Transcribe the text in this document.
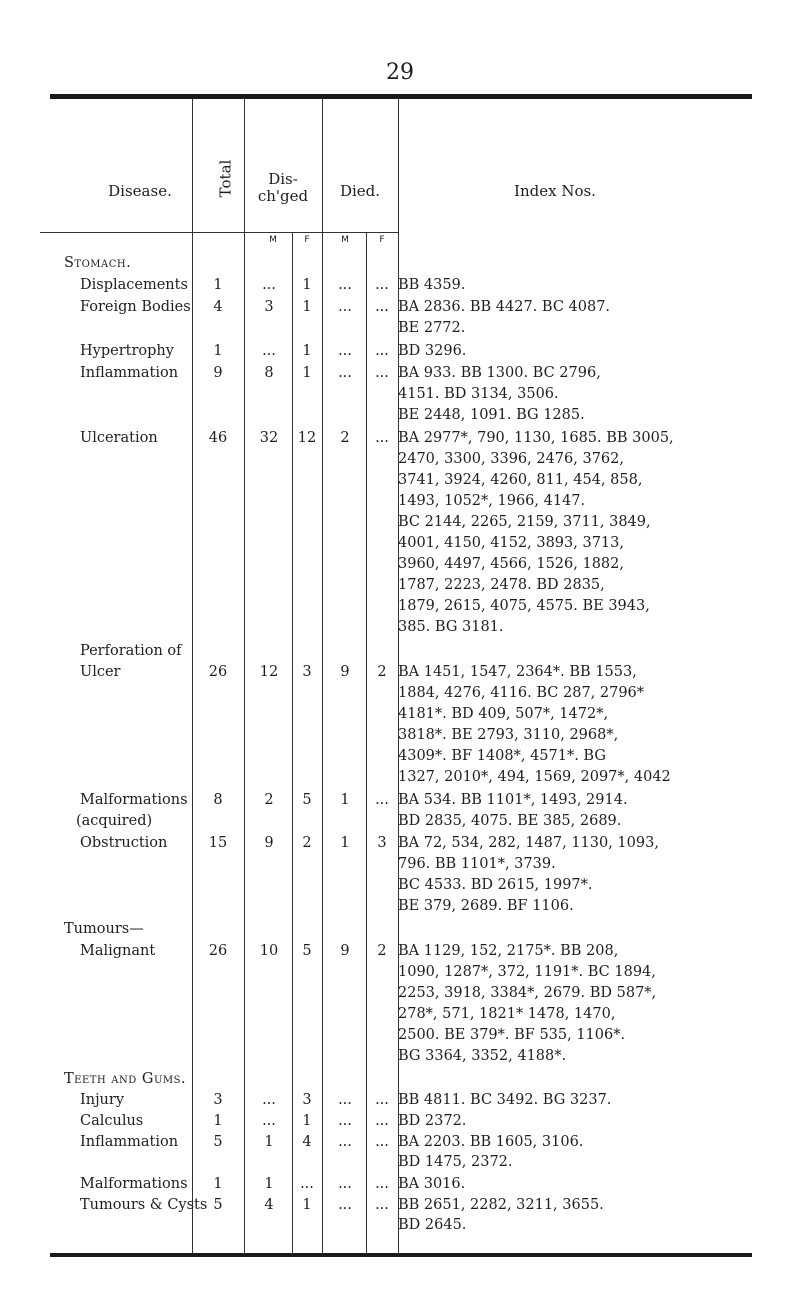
29
Disease.	Total	Dis-
ch'ged	Died.	Index Nos.
M	F	M	F
Stomach.
Displacements	1	...	1	...	... BB 4359.
Foreign Bodies	4	3	1	...	... BA 2836. BB 4427. BC 4087.
BE 2772.
Hypertrophy	1	...	1	...	... BD 3296.
Inflammation	9	8	1	...	... BA 933. BB 1300. BC 2796,
4151. BD 3134, 3506.
BE 2448, 1091. BG 1285.
Ulceration	46	32	12	2	... BA 2977*, 790, 1130, 1685. BB 3005,
2470, 3300, 3396, 2476, 3762,
3741, 3924, 4260, 811, 454, 858,
1493, 1052*, 1966, 4147.
BC 2144, 2265, 2159, 3711, 3849,
4001, 4150, 4152, 3893, 3713,
3960, 4497, 4566, 1526, 1882,
1787, 2223, 2478. BD 2835,
1879, 2615, 4075, 4575. BE 3943,
385. BG 3181.
Perforation of
Ulcer	26	12	3	9	2 BA 1451, 1547, 2364*. BB 1553,
1884, 4276, 4116. BC 287, 2796*
4181*. BD 409, 507*, 1472*,
3818*. BE 2793, 3110, 2968*,
4309*. BF 1408*, 4571*. BG
1327, 2010*, 494, 1569, 2097*, 4042
Malformations	8	2	5	1	... BA 534. BB 1101*, 1493, 2914.
(acquired)	BD 2835, 4075. BE 385, 2689.
Obstruction	15	9	2	1	3 BA 72, 534, 282, 1487, 1130, 1093,
796. BB 1101*, 3739.
BC 4533. BD 2615, 1997*.
BE 379, 2689. BF 1106.
Tumours—
Malignant	26	10	5	9	2 BA 1129, 152, 2175*. BB 208,
1090, 1287*, 372, 1191*. BC 1894,
2253, 3918, 3384*, 2679. BD 587*,
278*, 571, 1821* 1478, 1470,
2500. BE 379*. BF 535, 1106*.
BG 3364, 3352, 4188*.
Teeth and Gums.
Injury	3	...	3	...	... BB 4811. BC 3492. BG 3237.
Calculus	1	...	1	...	... BD 2372.
Inflammation	5	1	4	...	... BA 2203. BB 1605, 3106.
BD 1475, 2372.
Malformations	1	1	...	...	... BA 3016.
Tumours & Cysts 5	4	1	...	... BB 2651, 2282, 3211, 3655.
BD 2645.
